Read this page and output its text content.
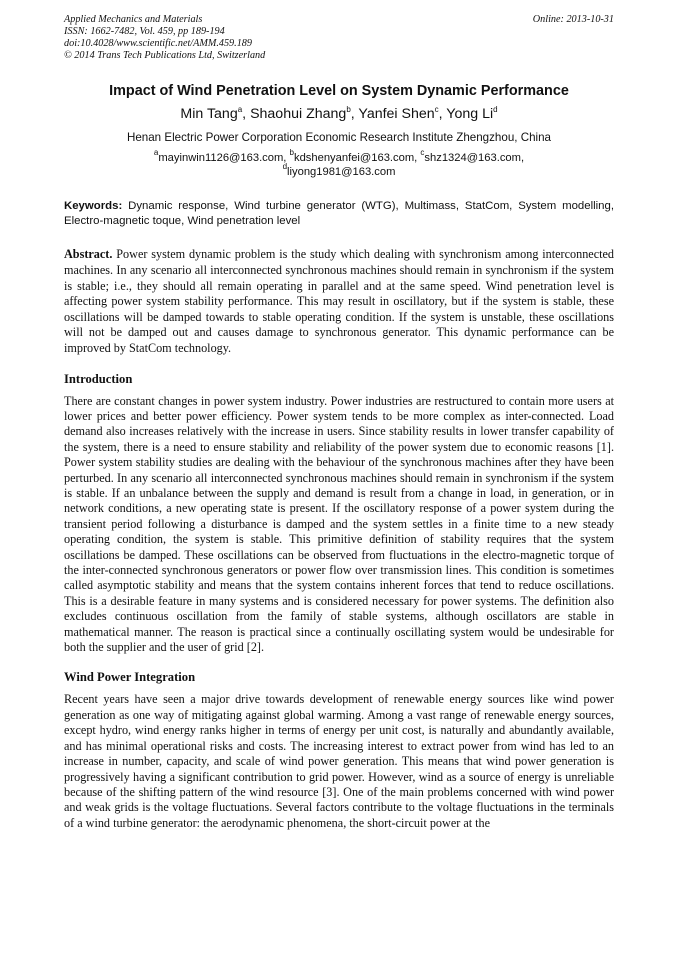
Applied Mechanics and Materials
ISSN: 1662-7482, Vol. 459, pp 189-194
doi:10.4028/www.scientific.net/AMM.459.189
© 2014 Trans Tech Publications Ltd, Switzerland
Online: 2013-10-31
Impact of Wind Penetration Level on System Dynamic Performance
Min Tang$^a$, Shaohui Zhang$^b$, Yanfei Shen$^c$, Yong Li$^d$
Henan Electric Power Corporation Economic Research Institute Zhengzhou, China
$^a$mayinwin1126@163.com, $^b$kdshenyanfei@163.com, $^c$shz1324@163.com,
$^d$liyong1981@163.com
Keywords: Dynamic response, Wind turbine generator (WTG), Multimass, StatCom, System modelling, Electro-magnetic toque, Wind penetration level
Abstract. Power system dynamic problem is the study which dealing with synchronism among interconnected machines. In any scenario all interconnected synchronous machines should remain in synchronism if the system is stable; i.e., they should all remain operating in parallel and at the same speed. Wind penetration level is affecting power system stability performance. This may result in oscillatory, but if the system is stable, these oscillations will be damped towards to stable operating condition. If the system is unstable, these oscillations will not be damped out and causes damage to synchronous generator. This dynamic performance can be improved by StatCom technology.
Introduction

There are constant changes in power system industry. Power industries are restructured to contain more users at lower prices and better power efficiency. Power system tends to be more complex as inter-connected. Load demand also increases relatively with the increase in users. Since stability results in lower transfer capability of the system, there is a need to ensure stability and reliability of the power system due to economic reasons [1]. Power system stability studies are dealing with the behaviour of the synchronous machines after they have been perturbed. In any scenario all interconnected synchronous machines should remain in synchronism if the system is stable. If an unbalance between the supply and demand is result from a change in load, in generation, or in network conditions, a new operating state is present. If the oscillatory response of a power system during the transient period following a disturbance is damped and the system settles in a finite time to a new steady operating condition, the system is stable. This primitive definition of stability requires that the system oscillations be damped. These oscillations can be observed from fluctuations in the electro-magnetic torque of the inter-connected synchronous generators or power flow over transmission lines. This condition is sometimes called asymptotic stability and means that the system contains inherent forces that tend to reduce oscillations. This is a desirable feature in many systems and is considered necessary for power systems. The definition also excludes continuous oscillation from the family of stable systems, although oscillators are stable in mathematical manner. The reason is practical since a continually oscillating system would be undesirable for both the supplier and the user of grid [2].

Wind Power Integration

Recent years have seen a major drive towards development of renewable energy sources like wind power generation as one way of mitigating against global warming. Among a vast range of renewable energy sources, except hydro, wind energy ranks higher in terms of energy per unit cost, is naturally and abundantly available, and has minimal operational risks and costs. The increasing interest to extract power from wind has led to an increase in number, capacity, and scale of wind power generation. This means that wind power generation is progressively having a significant contribution to grid power. However, wind as a source of energy is unreliable because of the shifting pattern of the wind resource [3]. One of the main problems concerned with wind power and weak grids is the voltage fluctuations. Several factors contribute to the voltage fluctuations in the terminals of a wind turbine generator: the aerodynamic phenomena, the short-circuit power at the
